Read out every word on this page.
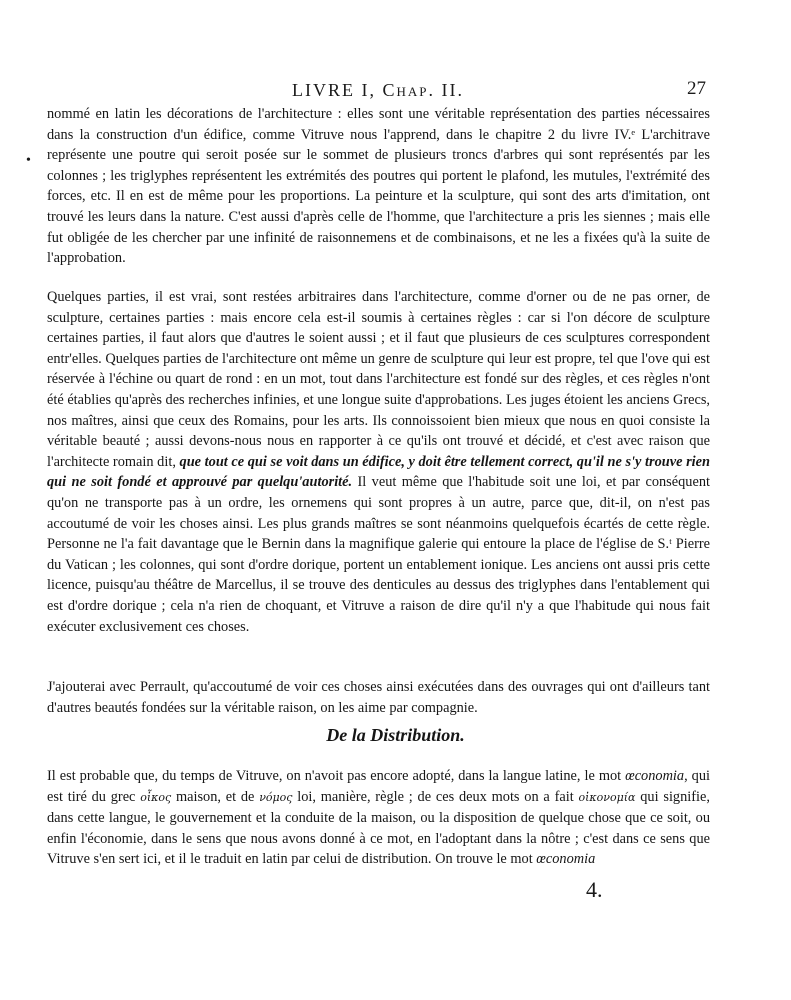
LIVRE I, Chap. II.	27
•

nommé en latin les décorations de l'architecture : elles sont une véritable représentation des parties nécessaires dans la construction d'un édifice, comme Vitruve nous l'apprend, dans le chapitre 2 du livre IV.ᵉ L'architrave représente une poutre qui seroit posée sur le sommet de plusieurs troncs d'arbres qui sont représentés par les colonnes ; les triglyphes représentent les extrémités des poutres qui portent le plafond, les mutules, l'extrémité des forces, etc. Il en est de même pour les proportions. La peinture et la sculpture, qui sont des arts d'imitation, ont trouvé les leurs dans la nature. C'est aussi d'après celle de l'homme, que l'architecture a pris les siennes ; mais elle fut obligée de les chercher par une infinité de raisonnemens et de combinaisons, et ne les a fixées qu'à la suite de l'approbation.

Quelques parties, il est vrai, sont restées arbitraires dans l'architecture, comme d'orner ou de ne pas orner, de sculpture, certaines parties : mais encore cela est-il soumis à certaines règles : car si l'on décore de sculpture certaines parties, il faut alors que d'autres le soient aussi ; et il faut que plusieurs de ces sculptures correspondent entr'elles. Quelques parties de l'architecture ont même un genre de sculpture qui leur est propre, tel que l'ove qui est réservée à l'échine ou quart de rond : en un mot, tout dans l'architecture est fondé sur des règles, et ces règles n'ont été établies qu'après des recherches infinies, et une longue suite d'approbations. Les juges étoient les anciens Grecs, nos maîtres, ainsi que ceux des Romains, pour les arts. Ils connoissoient bien mieux que nous en quoi consiste la véritable beauté ; aussi devons-nous nous en rapporter à ce qu'ils ont trouvé et décidé, et c'est avec raison que l'architecte romain dit, que tout ce qui se voit dans un édifice, y doit être tellement correct, qu'il ne s'y trouve rien qui ne soit fondé et approuvé par quelqu'autorité. Il veut même que l'habitude soit une loi, et par conséquent qu'on ne transporte pas à un ordre, les ornemens qui sont propres à un autre, parce que, dit-il, on n'est pas accoutumé de voir les choses ainsi. Les plus grands maîtres se sont néanmoins quelquefois écartés de cette règle. Personne ne l'a fait davantage que le Bernin dans la magnifique galerie qui entoure la place de l'église de S.ᵗ Pierre du Vatican ; les colonnes, qui sont d'ordre dorique, portent un entablement ionique. Les anciens ont aussi pris cette licence, puisqu'au théâtre de Marcellus, il se trouve des denticules au dessus des triglyphes dans l'entablement qui est d'ordre dorique ; cela n'a rien de choquant, et Vitruve a raison de dire qu'il n'y a que l'habitude qui nous fait exécuter exclusivement ces choses.

J'ajouterai avec Perrault, qu'accoutumé de voir ces choses ainsi exécutées dans des ouvrages qui ont d'ailleurs tant d'autres beautés fondées sur la véritable raison, on les aime par compagnie.

De la Distribution.

Il est probable que, du temps de Vitruve, on n'avoit pas encore adopté, dans la langue latine, le mot œconomia, qui est tiré du grec οἶκος maison, et de νόμος loi, manière, règle ; de ces deux mots on a fait οἰκονομία qui signifie, dans cette langue, le gouvernement et la conduite de la maison, ou la disposition de quelque chose que ce soit, ou enfin l'économie, dans le sens que nous avons donné à ce mot, en l'adoptant dans la nôtre ; c'est dans ce sens que Vitruve s'en sert ici, et il le traduit en latin par celui de distribution. On trouve le mot œconomia

4.
